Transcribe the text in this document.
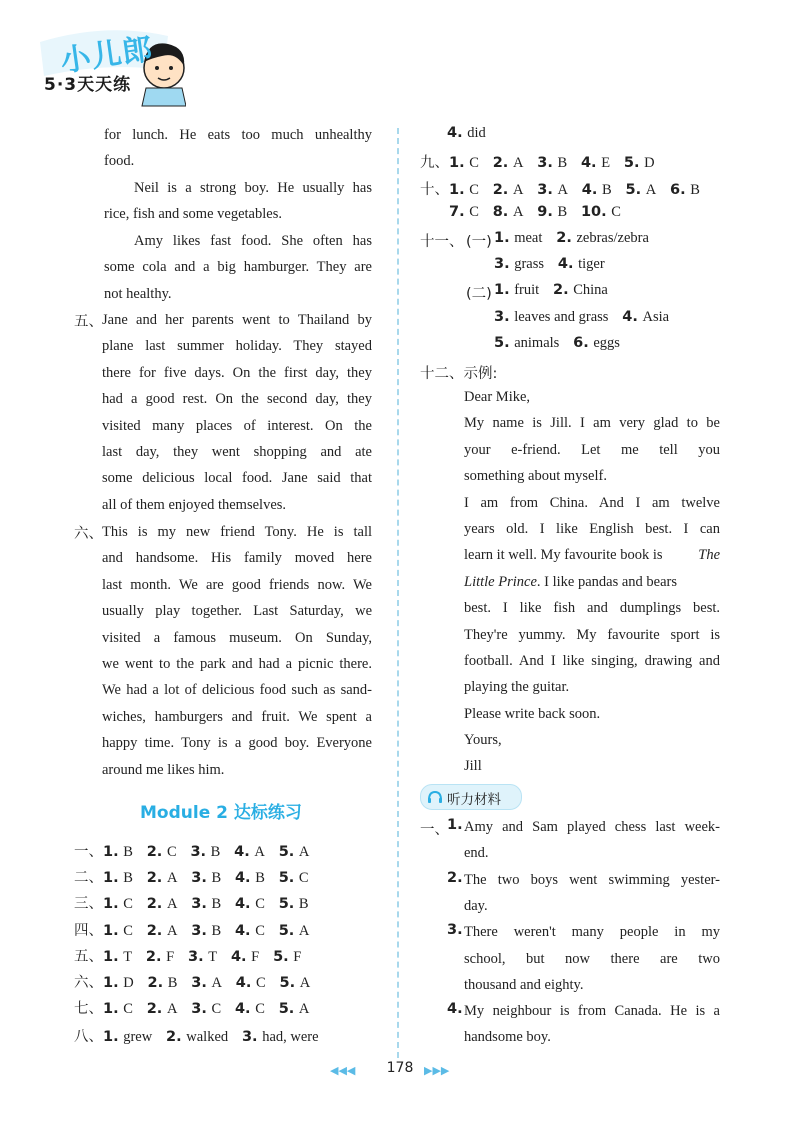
小儿郎
5·3天天练
for lunch. He eats too much unhealthy
food.
Neil is a strong boy. He usually has
rice, fish and some vegetables.
Amy likes fast food. She often has
some cola and a big hamburger. They are
not healthy.
五、 Jane and her parents went to Thailand by
plane last summer holiday. They stayed
there for five days. On the first day, they
had a good rest. On the second day, they
visited many places of interest. On the
last day, they went shopping and ate
some delicious local food. Jane said that
all of them enjoyed themselves.
六、 This is my new friend Tony. He is tall
and handsome. His family moved here
last month. We are good friends now. We
usually play together. Last Saturday, we
visited a famous museum. On Sunday,
we went to the park and had a picnic there.
We had a lot of delicious food such as sand-
wiches, hamburgers and fruit. We spent a
happy time. Tony is a good boy. Everyone
around me likes him.
Module 2 达标练习
一、1. B 2. C 3. B 4. A 5. A
二、1. B 2. A 3. B 4. B 5. C
三、1. C 2. A 3. B 4. C 5. B
四、1. C 2. A 3. B 4. C 5. A
五、1. T 2. F 3. T 4. F 5. F
六、1. D 2. B 3. A 4. C 5. A
七、1. C 2. A 3. C 4. C 5. A
八、1. grew 2. walked 3. had, were
4. did
九、1. C 2. A 3. B 4. E 5. D
十、1. C 2. A 3. A 4. B 5. A 6. B
7. C 8. A 9. B 10. C
十一、 (一) 1. meat 2. zebras/zebra
3. grass 4. tiger
(二) 1. fruit 2. China
3. leaves and grass 4. Asia
5. animals 6. eggs
十二、示例:
Dear Mike,
My name is Jill. I am very glad to be
your e-friend. Let me tell you
something about myself.
I am from China. And I am twelve
years old. I like English best. I can
learn it well. My favourite book is The
Little Prince. I like pandas and bears
best. I like fish and dumplings best.
They're yummy. My favourite sport is
football. And I like singing, drawing and
playing the guitar.
Please write back soon.
Yours,
Jill
听力材料
一、
1. Amy and Sam played chess last week-
end.
2. The two boys went swimming yester-
day.
3. There weren't many people in my
school, but now there are two
thousand and eighty.
4. My neighbour is from Canada. He is a
handsome boy.
◀◀◀	178 ▶▶▶
